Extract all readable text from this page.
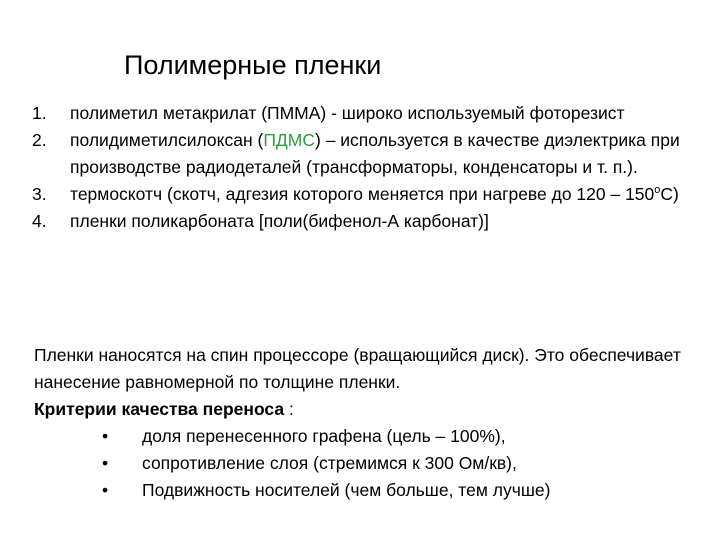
Полимерные пленки
1.	полиметил метакрилат (ПММА) - широко используемый фоторезист
2.	полидиметилсилоксан (ПДМС) – используется в качестве диэлектрика при производстве радиодеталей (трансформаторы, конденсаторы и т. п.).
3.	термоскотч (скотч, адгезия которого меняется при нагреве до $120 - 150^оС$)
4.	пленки поликарбоната [поли(бифенол-А карбонат)]

Пленки наносятся на спин процессоре (вращающийся диск). Это обеспечивает нанесение равномерной по толщине пленки.

Критерии качества переноса :

•	доля перенесенного графена (цель – 100%),
•	сопротивление слоя (стремимся к 300 Ом/кв),
•	Подвижность носителей (чем больше, тем лучше)
